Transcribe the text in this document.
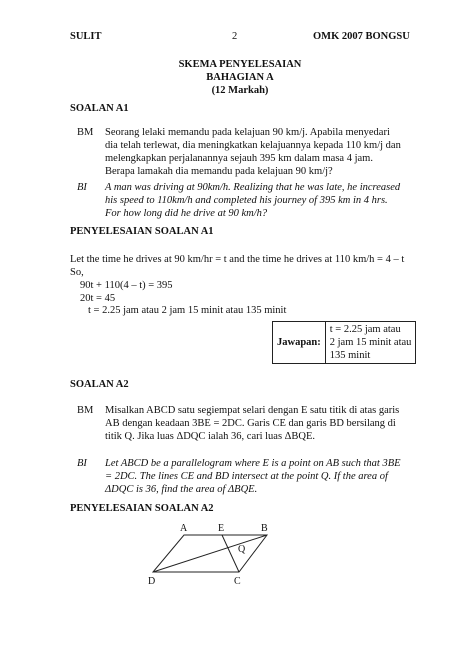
SULIT	2	OMK 2007 BONGSU
SKEMA PENYELESAIAN
BAHAGIAN A
(12 Markah)
SOALAN A1
BM	Seorang lelaki memandu pada kelajuan 90 km/j. Apabila menyedari dia telah terlewat, dia meningkatkan kelajuannya kepada 110 km/j dan melengkapkan perjalanannya sejauh 395 km dalam masa 4 jam. Berapa lamakah dia memandu pada kelajuan 90 km/j?
BI	A man was driving at 90km/h. Realizing that he was late, he increased his speed to 110km/h and completed his journey of 395 km in 4 hrs. For how long did he drive at 90 km/h?
PENYELESAIAN SOALAN A1
Let the time he drives at 90 km/hr = t and the time he drives at 110 km/h = 4 – t
So,
90t + 110(4 – t) = 395
20t = 45
t = 2.25 jam atau 2 jam 15 minit atau 135 minit
Jawapan:	
t = 2.25 jam atau
2 jam 15 minit atau
135 minit
SOALAN A2
BM	Misalkan ABCD satu segiempat selari dengan E satu titik di atas garis AB dengan keadaan 3BE = 2DC. Garis CE dan garis BD bersilang di titik Q. Jika luas ΔDQC ialah 36, cari luas ΔBQE.
BI	Let ABCD be a parallelogram where E is a point on AB such that 3BE = 2DC. The lines CE and BD intersect at the point Q. If the area of ΔDQC is 36, find the area of ΔBQE.
PENYELESAIAN SOALAN A2
A	E	B
Q
D	C
